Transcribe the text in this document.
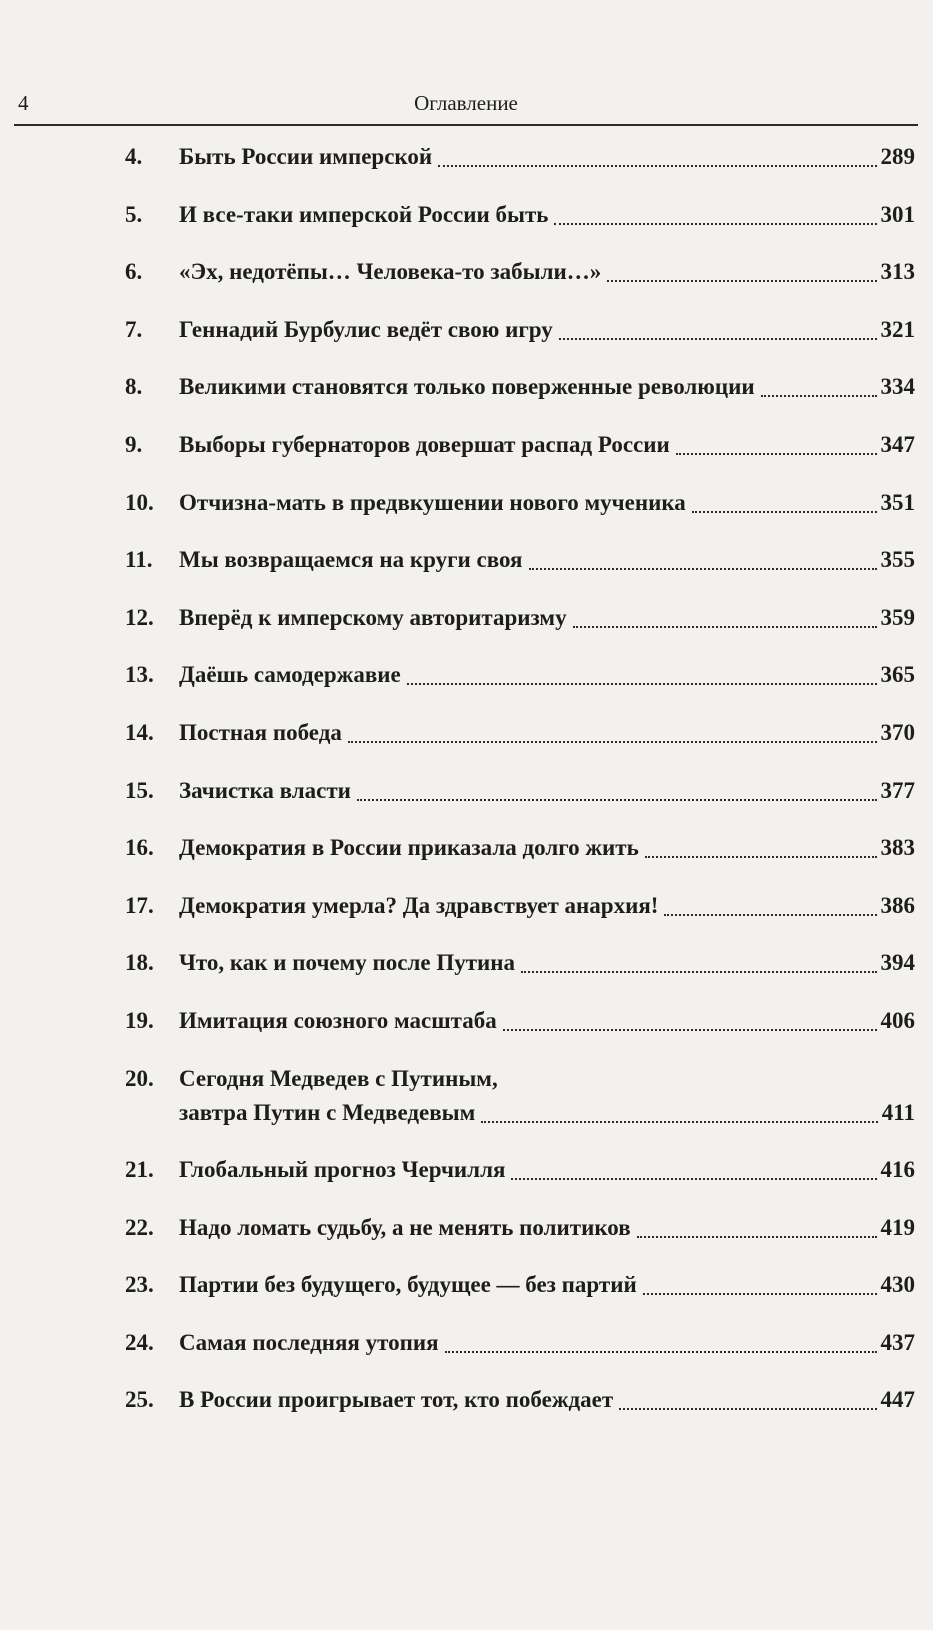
4	Оглавление
4.	Быть России имперской	289
5.	И все-таки имперской России быть	301
6.	«Эх, недотёпы… Человека-то забыли…»	313
7.	Геннадий Бурбулис ведёт свою игру	321
8.	Великими становятся только поверженные революции	334
9.	Выборы губернаторов довершат распад России	347
10.	Отчизна-мать в предвкушении нового мученика	351
11.	Мы возвращаемся на круги своя	355
12.	Вперёд к имперскому авторитаризму	359
13.	Даёшь самодержавие	365
14.	Постная победа	370
15.	Зачистка власти	377
16.	Демократия в России приказала долго жить	383
17.	Демократия умерла? Да здравствует анархия!	386
18.	Что, как и почему после Путина	394
19.	Имитация союзного масштаба	406
20.	Сегодня Медведев с Путиным,
завтра Путин с Медведевым	411
21.	Глобальный прогноз Черчилля	416
22.	Надо ломать судьбу, а не менять политиков	419
23.	Партии без будущего, будущее — без партий	430
24.	Самая последняя утопия	437
25.	В России проигрывает тот, кто побеждает	447
